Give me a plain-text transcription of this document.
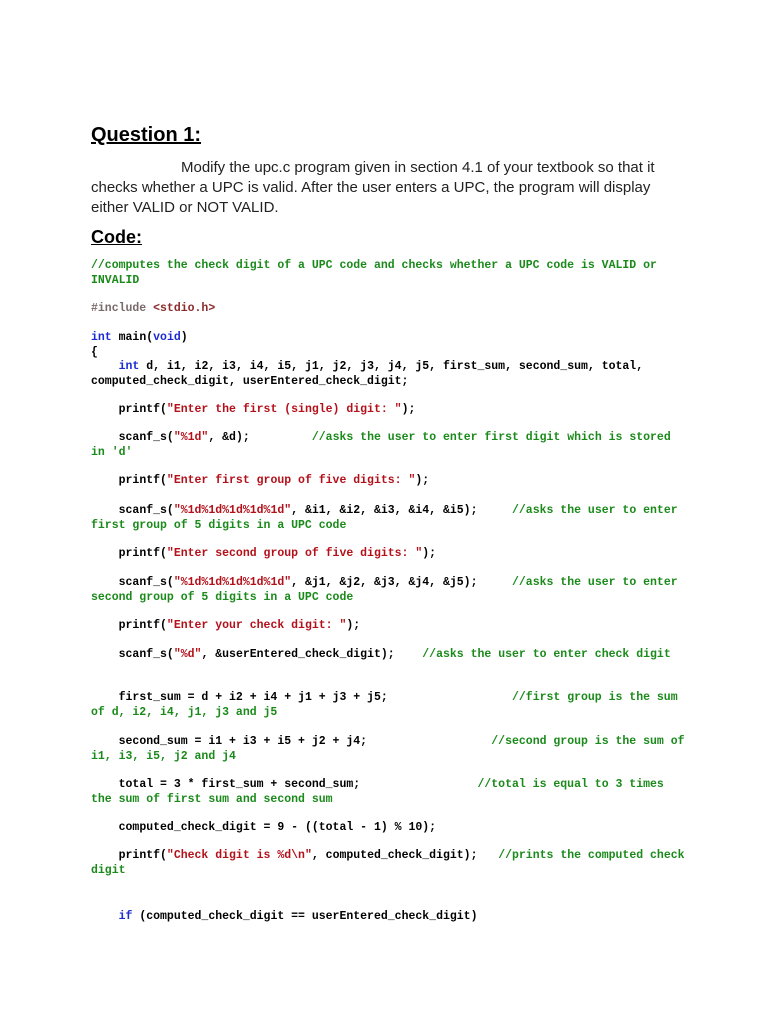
Question 1:

Modify the upc.c program given in section 4.1 of your textbook so that it checks whether a UPC is valid. After the user enters a UPC, the program will display either VALID or NOT VALID.

Code:
//computes the check digit of a UPC code and checks whether a UPC code is VALID or INVALID
#include <stdio.h>
int main(void)
{
int d, i1, i2, i3, i4, i5, j1, j2, j3, j4, j5, first_sum, second_sum, total, computed_check_digit, userEntered_check_digit;
printf("Enter the first (single) digit: ");
scanf_s("%1d", &d);         //asks the user to enter first digit which is stored in 'd'
printf("Enter first group of five digits: ");
scanf_s("%1d%1d%1d%1d%1d", &i1, &i2, &i3, &i4, &i5);     //asks the user to enter first group of 5 digits in a UPC code
printf("Enter second group of five digits: ");
scanf_s("%1d%1d%1d%1d%1d", &j1, &j2, &j3, &j4, &j5);     //asks the user to enter second group of 5 digits in a UPC code
printf("Enter your check digit: ");
scanf_s("%d", &userEntered_check_digit);    //asks the user to enter check digit
first_sum = d + i2 + i4 + j1 + j3 + j5;                  //first group is the sum of d, i2, i4, j1, j3 and j5
second_sum = i1 + i3 + i5 + j2 + j4;                  //second group is the sum of i1, i3, i5, j2 and j4
total = 3 * first_sum + second_sum;                 //total is equal to 3 times the sum of first sum and second sum
computed_check_digit = 9 - ((total - 1) % 10);
printf("Check digit is %d\n", computed_check_digit);   //prints the computed check digit
if (computed_check_digit == userEntered_check_digit)
